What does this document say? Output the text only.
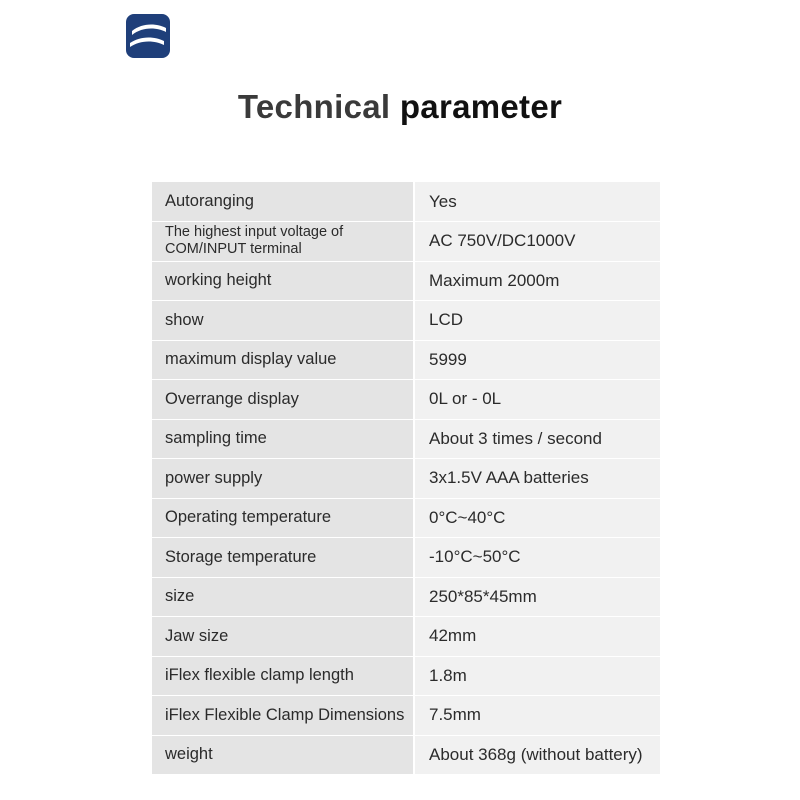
Technical parameter
Autoranging	Yes
The highest input voltage of COM/INPUT terminal	AC 750V/DC1000V
working height	Maximum 2000m
show	LCD
maximum display value	5999
Overrange display	0L or - 0L
sampling time	About 3 times / second
power supply	3x1.5V AAA batteries
Operating temperature	0°C~40°C
Storage temperature	-10°C~50°C
size	250*85*45mm
Jaw size	42mm
iFlex flexible clamp length	1.8m
iFlex Flexible Clamp Dimensions	7.5mm
weight	About 368g (without battery)
